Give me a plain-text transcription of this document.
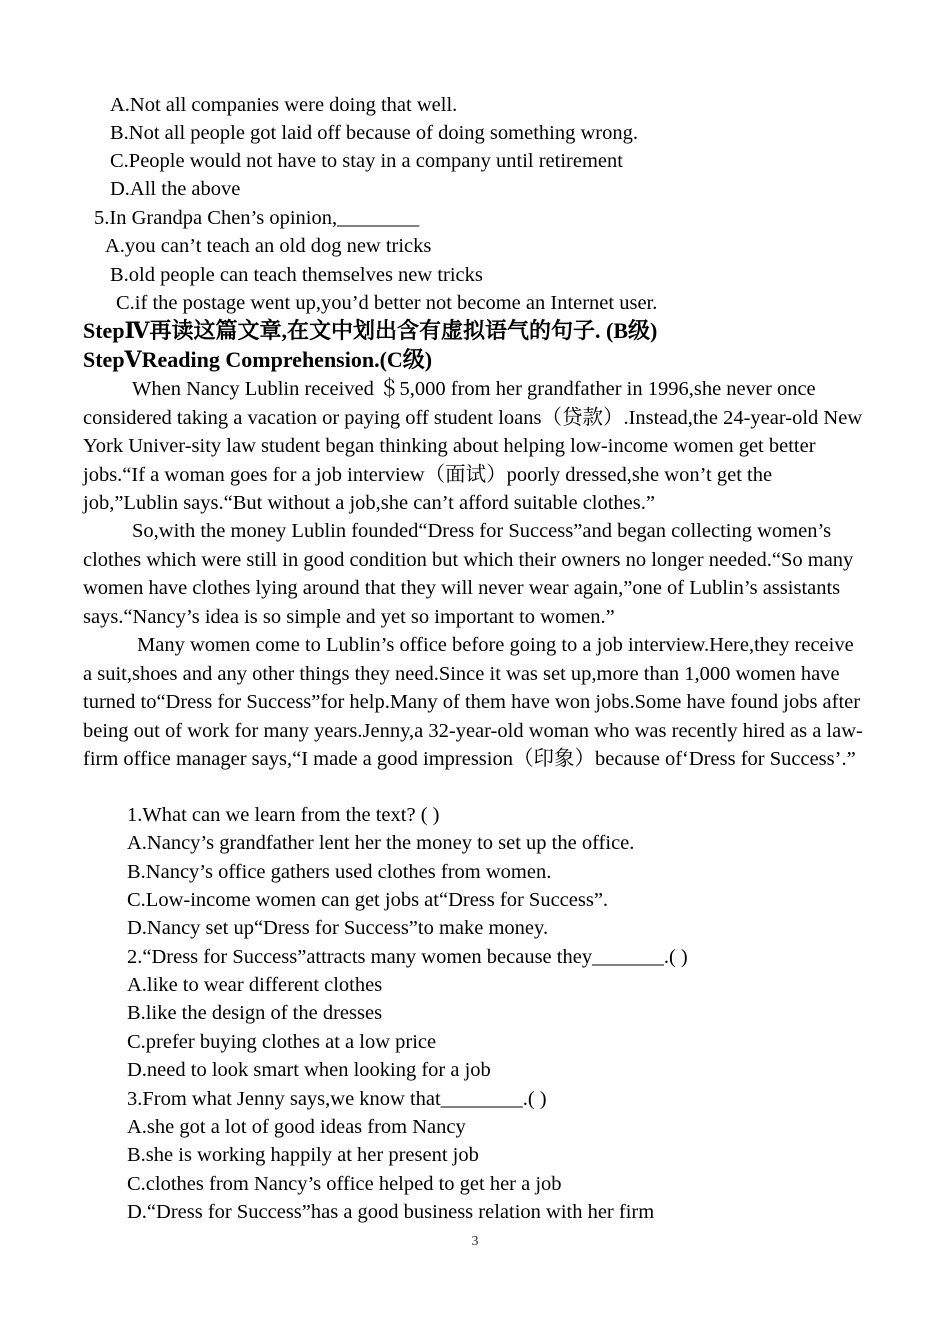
A.Not all companies were doing that well.
B.Not all people got laid off because of doing something wrong.
C.People would not have to stay in a company until retirement
D.All the above
5.In Grandpa Chen’s opinion,________
A.you can’t teach an old dog new tricks
B.old people can teach themselves new tricks
C.if the postage went up,you’d better not become an Internet user.
StepⅣ再读这篇文章,在文中划出含有虚拟语气的句子. (B级)
StepⅤReading Comprehension.(C级)

When Nancy Lublin received ＄5,000 from her grandfather in 1996,she never once considered taking a vacation or paying off student loans（贷款）.Instead,the 24-year-old New York Univer-sity law student began thinking about helping low-income women get better jobs.“If a woman goes for a job interview（面试）poorly dressed,she won’t get the job,”Lublin says.“But without a job,she can’t afford suitable clothes.”

So,with the money Lublin founded“Dress for Success”and began collecting women’s clothes which were still in good condition but which their owners no longer needed.“So many women have clothes lying around that they will never wear again,”one of Lublin’s assistants says.“Nancy’s idea is so simple and yet so important to women.”

Many women come to Lublin’s office before going to a job interview.Here,they receive a suit,shoes and any other things they need.Since it was set up,more than 1,000 women have turned to“Dress for Success”for help.Many of them have won jobs.Some have found jobs after being out of work for many years.Jenny,a 32-year-old woman who was recently hired as a law-firm office manager says,“I made a good impression（印象）because of‘Dress for Success’.”

1.What can we learn from the text? ( )
A.Nancy’s grandfather lent her the money to set up the office.
B.Nancy’s office gathers used clothes from women.
C.Low-income women can get jobs at“Dress for Success”.
D.Nancy set up“Dress for Success”to make money.
2.“Dress for Success”attracts many women because they_______.( )
A.like to wear different clothes
B.like the design of the dresses
C.prefer buying clothes at a low price
D.need to look smart when looking for a job
3.From what Jenny says,we know that________.( )
A.she got a lot of good ideas from Nancy
B.she is working happily at her present job
C.clothes from Nancy’s office helped to get her a job
D.“Dress for Success”has a good business relation with her firm
3
